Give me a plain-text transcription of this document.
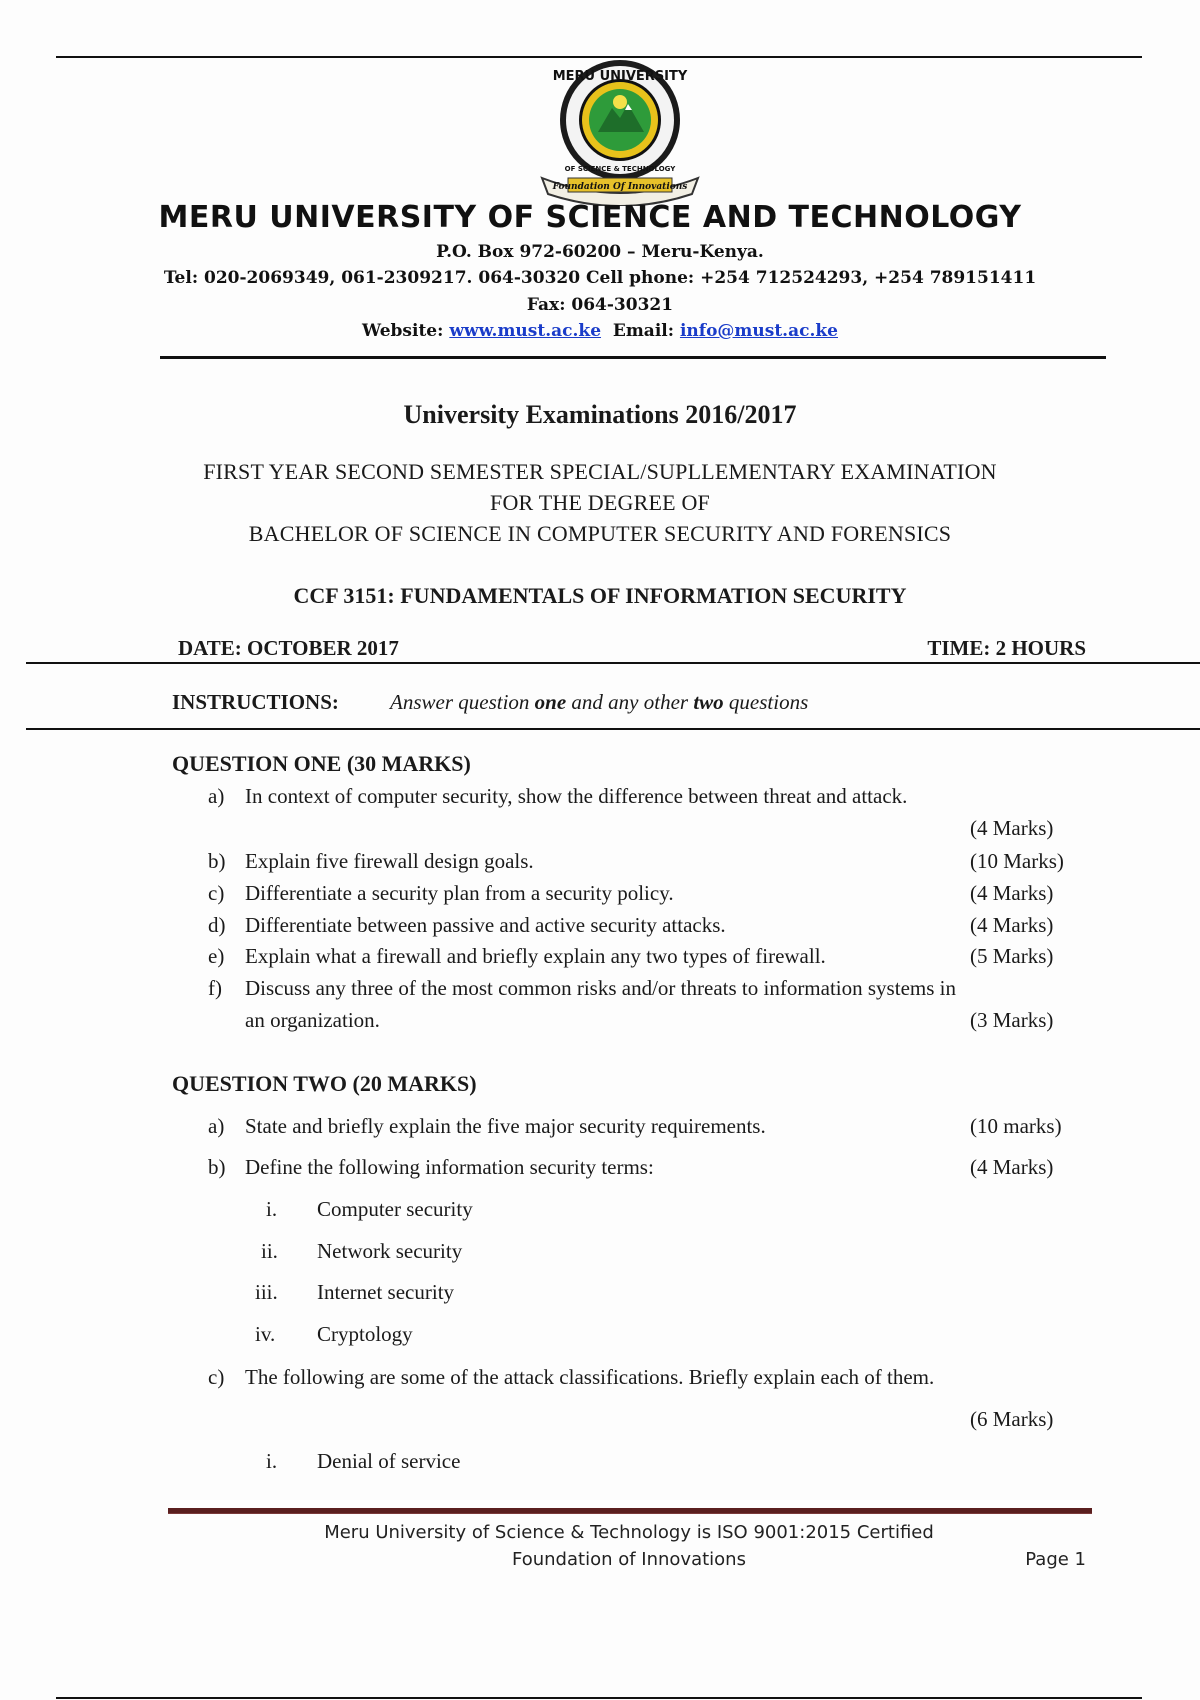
MERU UNIVERSITY
OF SCIENCE & TECHNOLOGY
Foundation Of Innovations
MERU UNIVERSITY OF SCIENCE AND TECHNOLOGY
P.O. Box 972-60200 – Meru-Kenya.
Tel: 020-2069349, 061-2309217. 064-30320 Cell phone: +254 712524293, +254 789151411
Fax: 064-30321
Website: www.must.ac.ke Email: info@must.ac.ke
University Examinations 2016/2017
FIRST YEAR SECOND SEMESTER SPECIAL/SUPLLEMENTARY EXAMINATION
FOR THE DEGREE OF
BACHELOR OF SCIENCE IN COMPUTER SECURITY AND FORENSICS
CCF 3151: FUNDAMENTALS OF INFORMATION SECURITY
DATE: OCTOBER 2017	TIME: 2 HOURS
INSTRUCTIONS: Answer question one and any other two questions
QUESTION ONE (30 MARKS)
a) In context of computer security, show the difference between threat and attack.
(4 Marks)
b) Explain five firewall design goals.	(10 Marks)
c) Differentiate a security plan from a security policy.	(4 Marks)
d) Differentiate between passive and active security attacks.	(4 Marks)
e) Explain what a firewall and briefly explain any two types of firewall.	(5 Marks)
f) Discuss any three of the most common risks and/or threats to information systems in
an organization.	(3 Marks)
QUESTION TWO (20 MARKS)
a) State and briefly explain the five major security requirements.	(10 marks)
b) Define the following information security terms:	(4 Marks)
i. Computer security
ii. Network security
iii. Internet security
iv. Cryptology
c) The following are some of the attack classifications. Briefly explain each of them.
(6 Marks)
i. Denial of service
Meru University of Science & Technology is ISO 9001:2015 Certified
Foundation of Innovations	Page 1
